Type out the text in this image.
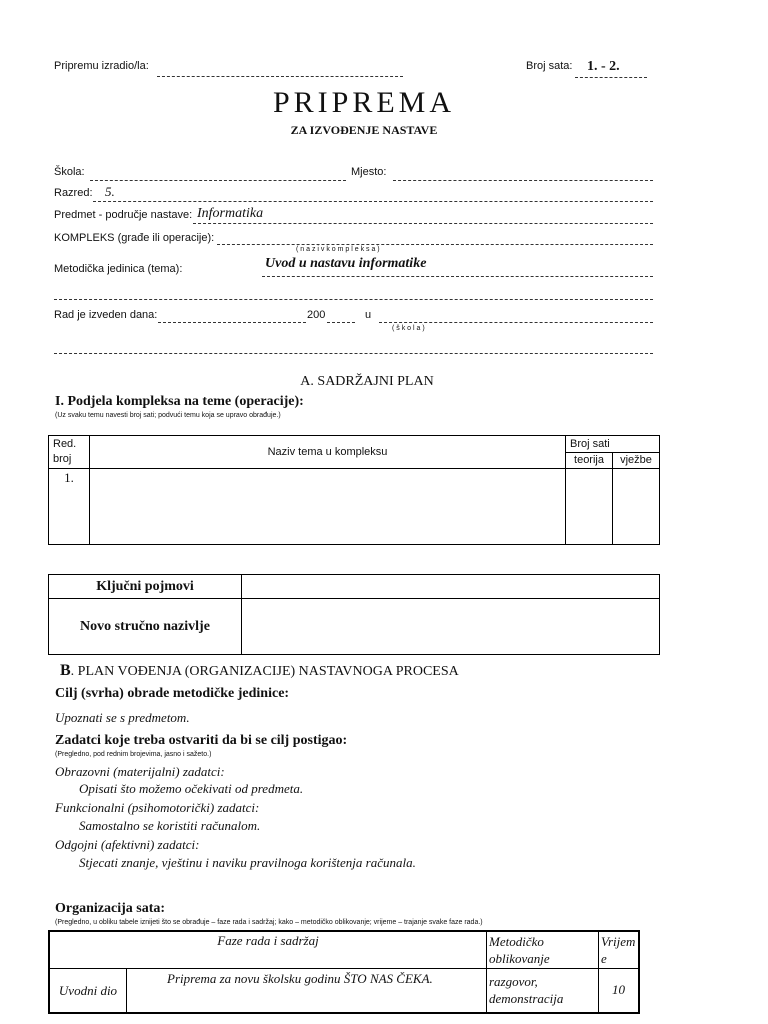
Pripremu izradio/la:	Broj sata: 1. - 2.
PRIPREMA
ZA IZVOĐENJE NASTAVE
Škola:	Mjesto:
Razred: 5.
Predmet - područje nastave: Informatika
KOMPLEKS (građe ili operacije):
( n a z i v k o m p l e k s a )
Metodička jedinica (tema):	Uvod u nastavu informatike
Rad je izveden dana:	200	u
( š k o l a )
A. SADRŽAJNI PLAN
I. Podjela kompleksa na teme (operacije):
(Uz svaku temu navesti broj sati; podvući temu koja se upravo obrađuje.)
Red. broj	Naziv tema u kompleksu	Broj sati	
		teorija	vježbe
1.			
Ključni pojmovi	
Novo stručno nazivlje	
B. PLAN VOĐENJA (ORGANIZACIJE) NASTAVNOGA PROCESA
Cilj (svrha) obrade metodičke jedinice:
Upoznati se s predmetom.
Zadatci koje treba ostvariti da bi se cilj postigao:
(Pregledno, pod rednim brojevima, jasno i sažeto.)
Obrazovni (materijalni) zadatci:
Opisati što možemo očekivati od predmeta.
Funkcionalni (psihomotorički) zadatci:
Samostalno se koristiti računalom.
Odgojni (afektivni) zadatci:
Stjecati znanje, vještinu i naviku pravilnoga korištenja računala.
Organizacija sata:
(Pregledno, u obliku tabele iznijeti što se obrađuje – faze rada i sadržaj; kako – metodičko oblikovanje; vrijeme – trajanje svake faze rada.)
Faze rada i sadržaj		Metodičko oblikovanje	Vrijeme
Uvodni dio	Priprema za novu školsku godinu ŠTO NAS ČEKA.	razgovor, demonstracija	10
